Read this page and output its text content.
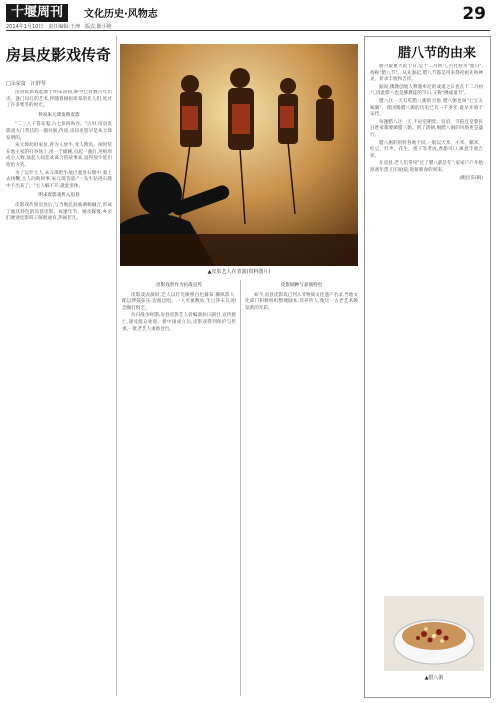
十堰周刊	文化历史·风物志
2014年1月10日　责任编辑:王坤　版式:陈小艳
29
房县皮影戏传奇
□余荣富　汪舒琴

房县皮影戏起源于明末清初,距今已有数百年历史。逢门吊灯的艺术,伴随着相祖辈辈的先人们,度过了许多寒冬的时光。

传说朱元璋发明皮影

"二三八下苍耳鬼,六七岁四海吞。"古时,房县皮影戏大门常挂的一副对联,传说,房县皮影早是朱元璋发明的。

朱元璋幼时家贫,曾为人放牛,受人欺负。闲时常在地主家的打谷场上,用一个破碗,点起一盏灯,用纸剪成小人物,演起人间悲欢离合的故事来,逗得放牛娃们哈哈大笑。

为了运什主人,朱元璋把牛尾巴塞进石缝中,骑上去扬鞭,主人问他何事,朱元璋答道:"一头牛钻进石缝中不出来了。"主人解不开,就此罢休。

明末皮影戏传入房县

皮影戏传到房县后,与当地民间曲调相融合,形成了独具特色的房县皮影。每逢年节、婚丧嫁娶,乡亲们便请皮影班子演唱通宵,热闹非凡。

▲皮影艺人在表演(资料图片)

皮影戏曾作为抗战宣传

皮影戏表演时,艺人以灯光映照白色幕布,操纵影人,配以锣鼓弦乐,边演边唱。一人可兼数角,生旦净末丑,唱念做打俱全。

抗日战争时期,房县皮影艺人曾编演抗日剧目,宣传救亡,深受群众欢迎。新中国成立后,皮影戏得到保护与传承,一批老艺人重新登台。

皮影剧种与表演特色

如今,房县皮影戏已列入非物质文化遗产名录,当地文化部门积极组织整理剧本,培养传人,使这一古老艺术焕发新的光彩。

腊八节的由来

腊月最重大的节日,是十二月初八,古代称为"腊日",俗称"腊八节"。从先秦起,腊八节都是用来祭祀祖先和神灵、祈求丰收和吉祥。

据说,佛教创始人释迦牟尼的成道之日也在十二月初八,因此腊八也是佛教徒的节日,又称"佛成道节"。

腊八这一天有吃腊八粥的习俗,腊八粥也叫"七宝五味粥"。我国喝腊八粥的历史已有一千多年,最早开始于宋代。

每逢腊八这一天,不论是朝廷、官府、寺院还是黎民百姓家都要做腊八粥。到了清朝,喝腊八粥的风俗更是盛行。

腊八粥的用料各地不同,一般以大米、小米、糯米、红豆、红枣、花生、莲子等煮成,香甜可口,寓意丰收吉祥。

在房县,老人们常说"过了腊八就是年",家家户户开始准备年货,打扫庭院,迎接新春的到来。

(鲍民乐/辑)

▲腊八粥
